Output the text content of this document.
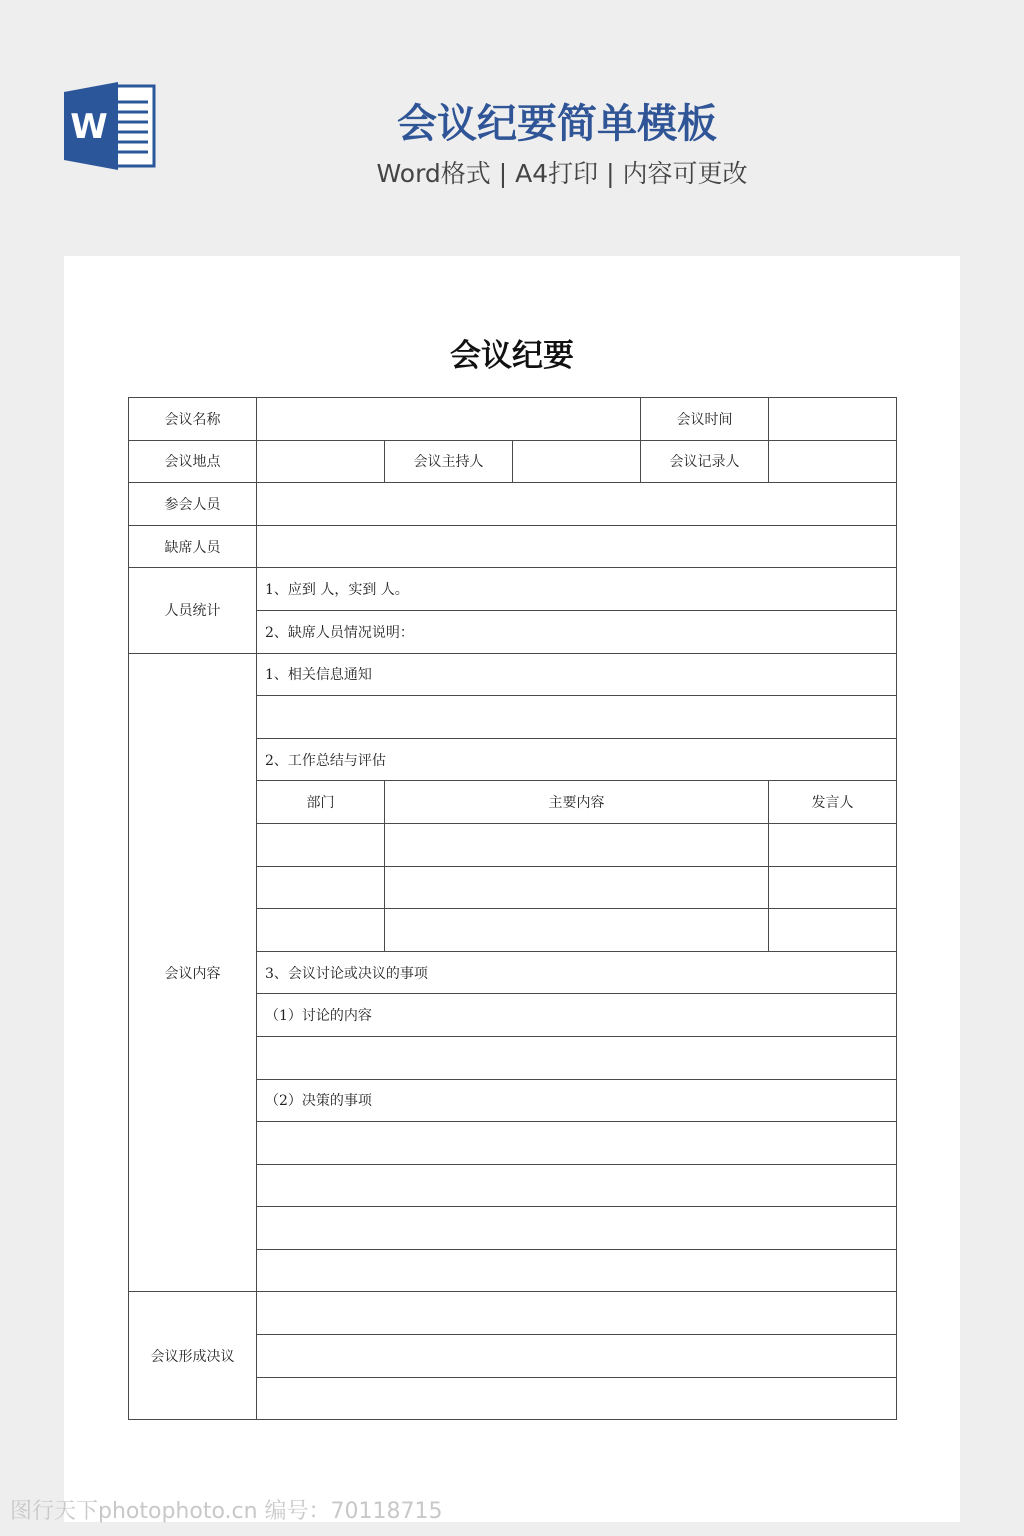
W	会议纪要简单模板
Word格式 | A4打印 | 内容可更改
会议纪要
会议名称				会议时间	
会议地点		会议主持人		会议记录人	
参会人员					
缺席人员					
人员统计	1、应到 人，实到 人。				
	2、缺席人员情况说明：				
会议内容	1、相关信息通知				

	2、工作总结与评估				
	部门	主要内容			发言人

	3、会议讨论或决议的事项				
	（1）讨论的内容				

	（2）决策的事项				

会议形成决议					

图行天下photophoto.cn 编号：70118715
